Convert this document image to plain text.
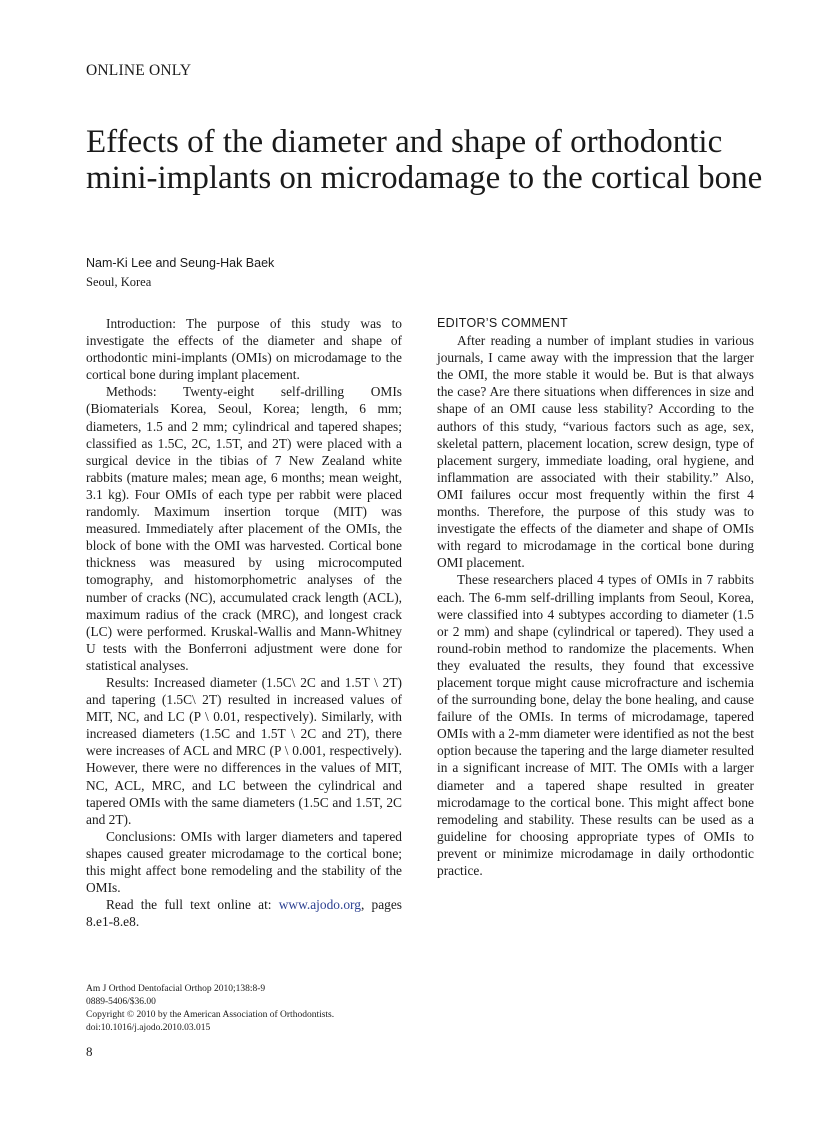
ONLINE ONLY
Effects of the diameter and shape of orthodontic mini-implants on microdamage to the cortical bone
Nam-Ki Lee and Seung-Hak Baek
Seoul, Korea

Introduction: The purpose of this study was to investigate the effects of the diameter and shape of orthodontic mini-implants (OMIs) on microdamage to the cortical bone during implant placement.

Methods: Twenty-eight self-drilling OMIs (Biomaterials Korea, Seoul, Korea; length, 6 mm; diameters, 1.5 and 2 mm; cylindrical and tapered shapes; classified as 1.5C, 2C, 1.5T, and 2T) were placed with a surgical device in the tibias of 7 New Zealand white rabbits (mature males; mean age, 6 months; mean weight, 3.1 kg). Four OMIs of each type per rabbit were placed randomly. Maximum insertion torque (MIT) was measured. Immediately after placement of the OMIs, the block of bone with the OMI was harvested. Cortical bone thickness was measured by using microcomputed tomography, and histomorphometric analyses of the number of cracks (NC), accumulated crack length (ACL), maximum radius of the crack (MRC), and longest crack (LC) were performed. Kruskal-Wallis and Mann-Whitney U tests with the Bonferroni adjustment were done for statistical analyses.

Results: Increased diameter (1.5C\ 2C and 1.5T \ 2T) and tapering (1.5C\ 2T) resulted in increased values of MIT, NC, and LC (P \ 0.01, respectively). Similarly, with increased diameters (1.5C and 1.5T \ 2C and 2T), there were increases of ACL and MRC (P \ 0.001, respectively). However, there were no differences in the values of MIT, NC, ACL, MRC, and LC between the cylindrical and tapered OMIs with the same diameters (1.5C and 1.5T, 2C and 2T).

Conclusions: OMIs with larger diameters and tapered shapes caused greater microdamage to the cortical bone; this might affect bone remodeling and the stability of the OMIs.

Read the full text online at: www.ajodo.org, pages 8.e1-8.e8.

EDITOR’S COMMENT

After reading a number of implant studies in various journals, I came away with the impression that the larger the OMI, the more stable it would be. But is that always the case? Are there situations when differences in size and shape of an OMI cause less stability? According to the authors of this study, “various factors such as age, sex, skeletal pattern, placement location, screw design, type of placement surgery, immediate loading, oral hygiene, and inflammation are associated with their stability.” Also, OMI failures occur most frequently within the first 4 months. Therefore, the purpose of this study was to investigate the effects of the diameter and shape of OMIs with regard to microdamage in the cortical bone during OMI placement.

These researchers placed 4 types of OMIs in 7 rabbits each. The 6-mm self-drilling implants from Seoul, Korea, were classified into 4 subtypes according to diameter (1.5 or 2 mm) and shape (cylindrical or tapered). They used a round-robin method to randomize the placements. When they evaluated the results, they found that excessive placement torque might cause microfracture and ischemia of the surrounding bone, delay the bone healing, and cause failure of the OMIs. In terms of microdamage, tapered OMIs with a 2-mm diameter were identified as not the best option because the tapering and the large diameter resulted in a significant increase of MIT. The OMIs with a larger diameter and a tapered shape resulted in greater microdamage to the cortical bone. This might affect bone remodeling and stability. These results can be used as a guideline for choosing appropriate types of OMIs to prevent or minimize microdamage in daily orthodontic practice.

Am J Orthod Dentofacial Orthop 2010;138:8-9
0889-5406/$36.00
Copyright © 2010 by the American Association of Orthodontists.
doi:10.1016/j.ajodo.2010.03.015
8
